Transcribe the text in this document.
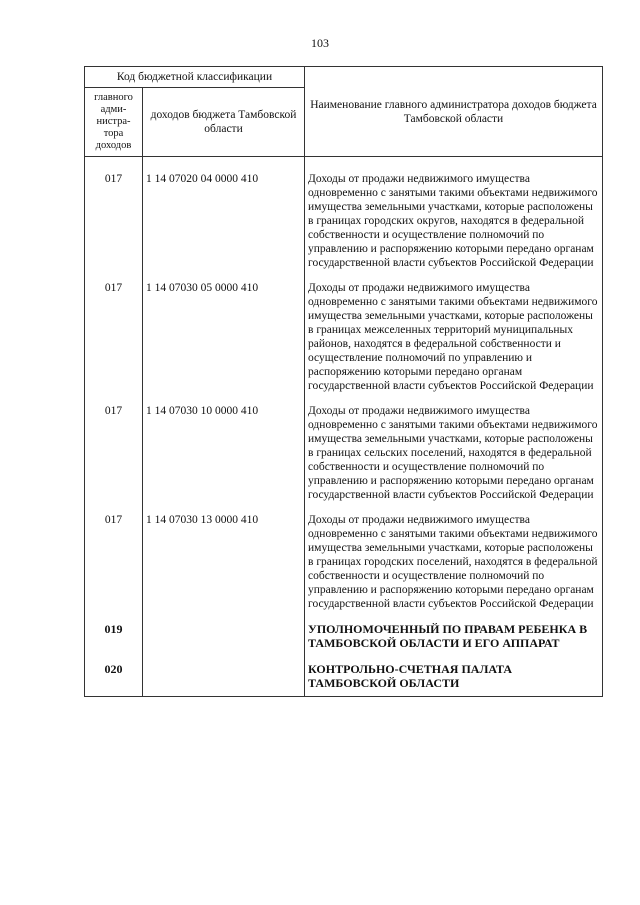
103
Код бюджетной классификации		Наименование главного администратора доходов бюджета Тамбовской области
главного адми-нистра-тора доходов	доходов бюджета Тамбовской области	

017	1 14 07020 04 0000 410	Доходы от продажи недвижимого имущества одновременно с занятыми такими объектами недвижимого имущества земельными участками, которые расположены в границах городских округов, находятся в федеральной собственности и осуществление полномочий по управлению и распоряжению которыми передано органам государственной власти субъектов Российской Федерации
017	1 14 07030 05 0000 410	Доходы от продажи недвижимого имущества одновременно с занятыми такими объектами недвижимого имущества земельными участками, которые расположены в границах межселенных территорий муниципальных районов, находятся в федеральной собственности и осуществление полномочий по управлению и распоряжению которыми передано органам государственной власти субъектов Российской Федерации
017	1 14 07030 10 0000 410	Доходы от продажи недвижимого имущества одновременно с занятыми такими объектами недвижимого имущества земельными участками, которые расположены в границах сельских поселений, находятся в федеральной собственности и осуществление полномочий по управлению и распоряжению которыми передано органам государственной власти субъектов Российской Федерации
017	1 14 07030 13 0000 410	Доходы от продажи недвижимого имущества одновременно с занятыми такими объектами недвижимого имущества земельными участками, которые расположены в границах городских поселений, находятся в федеральной собственности и осуществление полномочий по управлению и распоряжению которыми передано органам государственной власти субъектов Российской Федерации
019		УПОЛНОМОЧЕННЫЙ ПО ПРАВАМ РЕБЕНКА В ТАМБОВСКОЙ ОБЛАСТИ И ЕГО АППАРАТ
020		КОНТРОЛЬНО-СЧЕТНАЯ ПАЛАТА ТАМБОВСКОЙ ОБЛАСТИ
